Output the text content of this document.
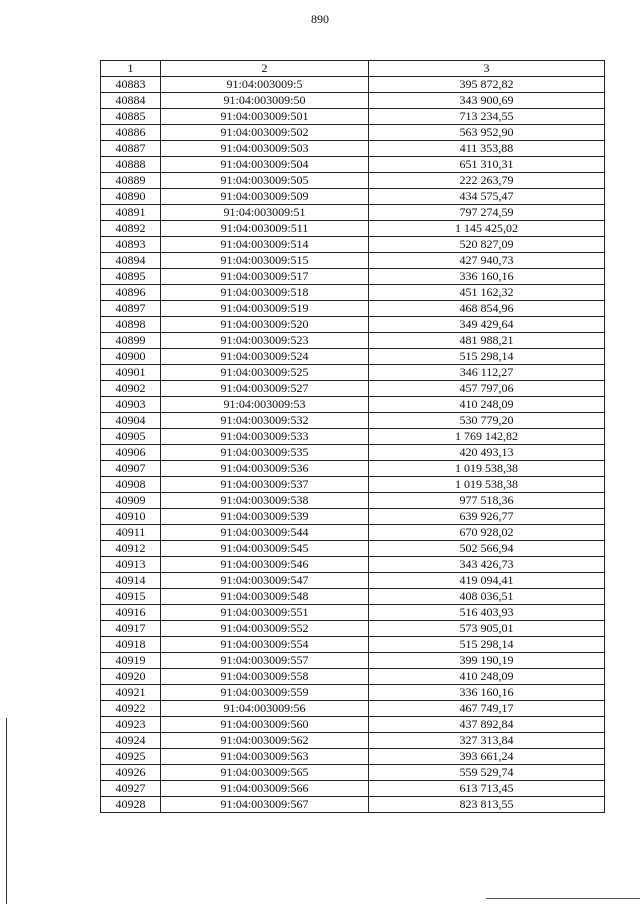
890
1	2	3
40883	91:04:003009:5	395 872,82
40884	91:04:003009:50	343 900,69
40885	91:04:003009:501	713 234,55
40886	91:04:003009:502	563 952,90
40887	91:04:003009:503	411 353,88
40888	91:04:003009:504	651 310,31
40889	91:04:003009:505	222 263,79
40890	91:04:003009:509	434 575,47
40891	91:04:003009:51	797 274,59
40892	91:04:003009:511	1 145 425,02
40893	91:04:003009:514	520 827,09
40894	91:04:003009:515	427 940,73
40895	91:04:003009:517	336 160,16
40896	91:04:003009:518	451 162,32
40897	91:04:003009:519	468 854,96
40898	91:04:003009:520	349 429,64
40899	91:04:003009:523	481 988,21
40900	91:04:003009:524	515 298,14
40901	91:04:003009:525	346 112,27
40902	91:04:003009:527	457 797,06
40903	91:04:003009:53	410 248,09
40904	91:04:003009:532	530 779,20
40905	91:04:003009:533	1 769 142,82
40906	91:04:003009:535	420 493,13
40907	91:04:003009:536	1 019 538,38
40908	91:04:003009:537	1 019 538,38
40909	91:04:003009:538	977 518,36
40910	91:04:003009:539	639 926,77
40911	91:04:003009:544	670 928,02
40912	91:04:003009:545	502 566,94
40913	91:04:003009:546	343 426,73
40914	91:04:003009:547	419 094,41
40915	91:04:003009:548	408 036,51
40916	91:04:003009:551	516 403,93
40917	91:04:003009:552	573 905,01
40918	91:04:003009:554	515 298,14
40919	91:04:003009:557	399 190,19
40920	91:04:003009:558	410 248,09
40921	91:04:003009:559	336 160,16
40922	91:04:003009:56	467 749,17
40923	91:04:003009:560	437 892,84
40924	91:04:003009:562	327 313,84
40925	91:04:003009:563	393 661,24
40926	91:04:003009:565	559 529,74
40927	91:04:003009:566	613 713,45
40928	91:04:003009:567	823 813,55
